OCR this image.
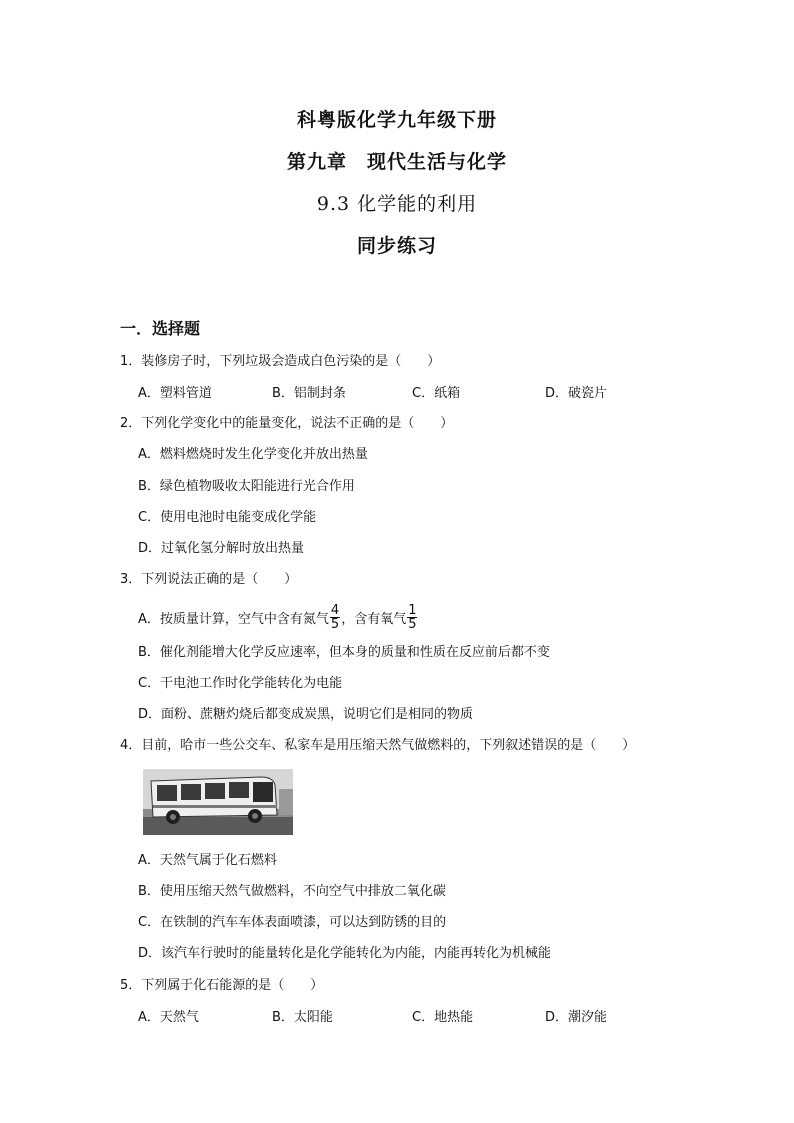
科粤版化学九年级下册
第九章　现代生活与化学
9.3 化学能的利用
同步练习
一．选择题
1．装修房子时，下列垃圾会造成白色污染的是（　　）
A．塑料管道	B．铝制封条	C．纸箱	D．破瓷片
2．下列化学变化中的能量变化，说法不正确的是（　　）
A．燃料燃烧时发生化学变化并放出热量
B．绿色植物吸收太阳能进行光合作用
C．使用电池时电能变成化学能
D．过氧化氢分解时放出热量
3．下列说法正确的是（　　）
A．按质量计算，空气中含有氮气 $\frac{4}{5}$ ，含有氧气 $\frac{1}{5}$
B．催化剂能增大化学反应速率，但本身的质量和性质在反应前后都不变
C．干电池工作时化学能转化为电能
D．面粉、蔗糖灼烧后都变成炭黑，说明它们是相同的物质
4．目前，哈市一些公交车、私家车是用压缩天然气做燃料的，下列叙述错误的是（　　）
A．天然气属于化石燃料
B．使用压缩天然气做燃料，不向空气中排放二氧化碳
C．在铁制的汽车车体表面喷漆，可以达到防锈的目的
D．该汽车行驶时的能量转化是化学能转化为内能，内能再转化为机械能
5．下列属于化石能源的是（　　）
A．天然气	B．太阳能	C．地热能	D．潮汐能
